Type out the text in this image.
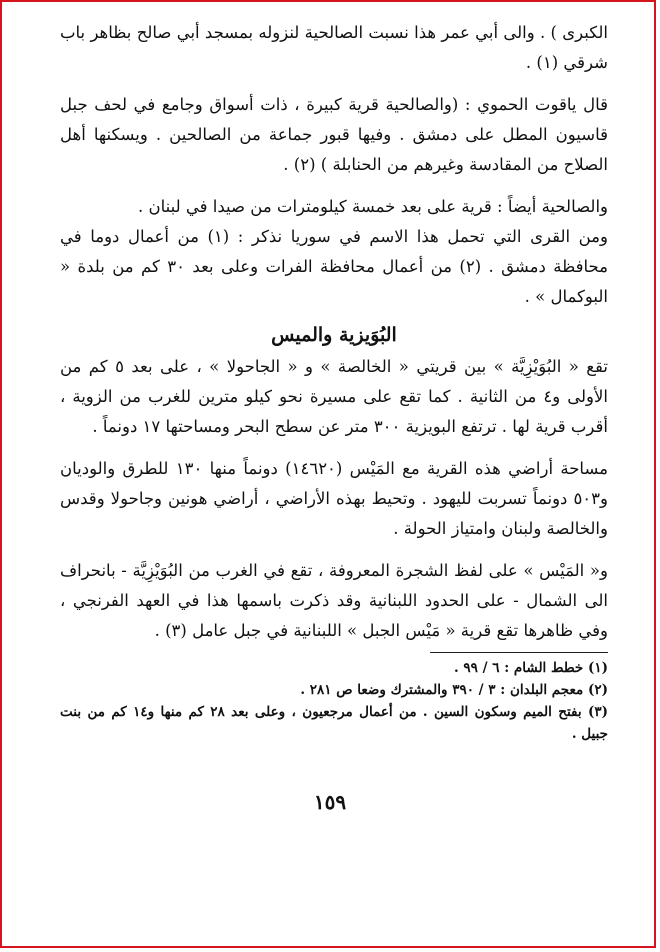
الكبرى ) . والى أبي عمر هذا نسبت الصالحية لنزوله بمسجد أبي صالح بظاهر باب شرقي (١) .

قال ياقوت الحموي : (والصالحية قرية كبيرة ، ذات أسواق وجامع في لحف جبل قاسيون المطل على دمشق . وفيها قبور جماعة من الصالحين . ويسكنها أهل الصلاح من المقادسة وغيرهم من الحنابلة ) (٢) .

والصالحية أيضاً : قرية على بعد خمسة كيلومترات من صيدا في لبنان .

ومن القرى التي تحمل هذا الاسم في سوريا نذكر : (١) من أعمال دوما في محافظة دمشق . (٢) من أعمال محافظة الفرات وعلى بعد ٣٠ كم من بلدة « البوكمال » .

البُوَيزية والميس

تقع « البُوَيْزِيَّة » بين قريتي « الخالصة » و « الجاحولا » ، على بعد ٥ كم من الأولى و٤ من الثانية . كما تقع على مسيرة نحو كيلو مترين للغرب من الزوية ، أقرب قرية لها . ترتفع البويزية ٣٠٠ متر عن سطح البحر ومساحتها ١٧ دونماً .

مساحة أراضي هذه القرية مع المَيْس (١٤٦٢٠) دونماً منها ١٣٠ للطرق والوديان و٥٠٣ دونماً تسربت لليهود . وتحيط بهذه الأراضي ، أراضي هونين وجاحولا وقدس والخالصة ولبنان وامتياز الحولة .

و« المَيْس » على لفظ الشجرة المعروفة ، تقع في الغرب من البُوَيْزِيَّة - بانحراف الى الشمال - على الحدود اللبنانية وقد ذكرت باسمها هذا في العهد الفرنجي ، وفي ظاهرها تقع قرية « مَيْس الجبل » اللبنانية في جبل عامل (٣) .

(١) خطط الشام : ٦ / ٩٩ .

(٢) معجم البلدان : ٣ / ٣٩٠ والمشترك وضعا ص ٢٨١ .

(٣) بفتح الميم وسكون السين . من أعمال مرجعيون ، وعلى بعد ٢٨ كم منها و١٤ كم من بنت جبيل .

١٥٩
